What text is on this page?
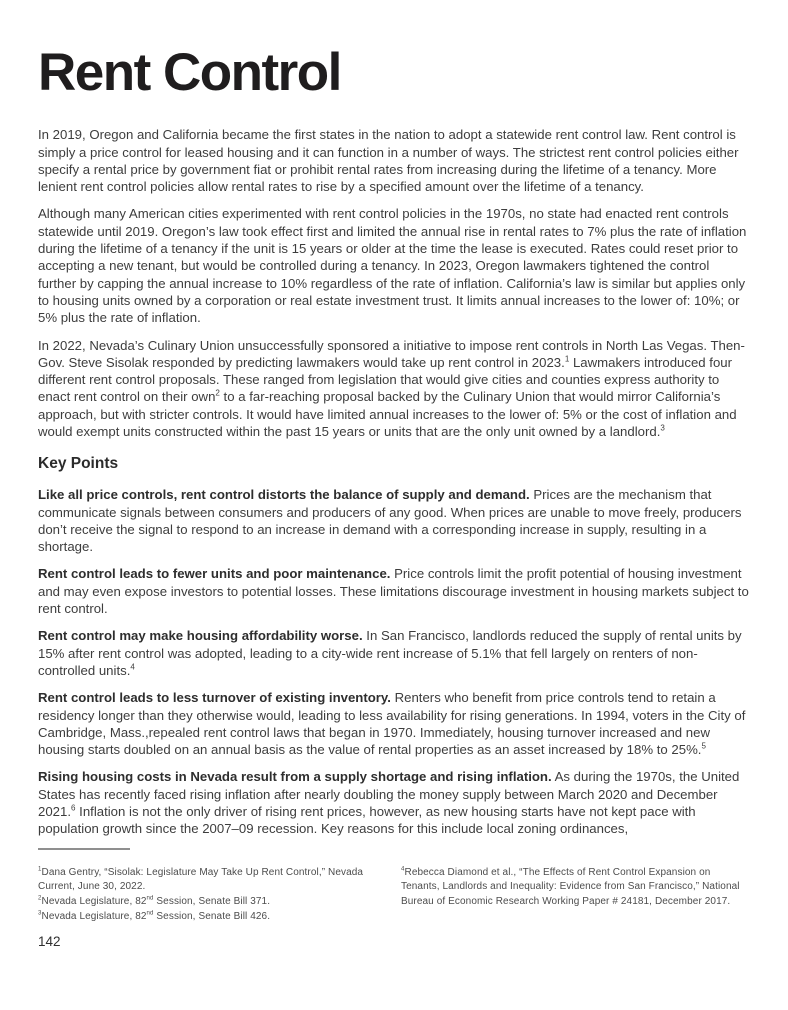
Rent Control

In 2019, Oregon and California became the first states in the nation to adopt a statewide rent control law. Rent control is simply a price control for leased housing and it can function in a number of ways. The strictest rent control policies either specify a rental price by government fiat or prohibit rental rates from increasing during the lifetime of a tenancy. More lenient rent control policies allow rental rates to rise by a specified amount over the lifetime of a tenancy.

Although many American cities experimented with rent control policies in the 1970s, no state had enacted rent controls statewide until 2019. Oregon’s law took effect first and limited the annual rise in rental rates to 7% plus the rate of inflation during the lifetime of a tenancy if the unit is 15 years or older at the time the lease is executed. Rates could reset prior to accepting a new tenant, but would be controlled during a tenancy. In 2023, Oregon lawmakers tightened the control further by capping the annual increase to 10% regardless of the rate of inflation. California’s law is similar but applies only to housing units owned by a corporation or real estate investment trust. It limits annual increases to the lower of: 10%; or 5% plus the rate of inflation.

In 2022, Nevada’s Culinary Union unsuccessfully sponsored a initiative to impose rent controls in North Las Vegas. Then-Gov. Steve Sisolak responded by predicting lawmakers would take up rent control in 2023.$^1$ Lawmakers introduced four different rent control proposals. These ranged from legislation that would give cities and counties express authority to enact rent control on their own$^2$ to a far-reaching proposal backed by the Culinary Union that would mirror California’s approach, but with stricter controls. It would have limited annual increases to the lower of: 5% or the cost of inflation and would exempt units constructed within the past 15 years or units that are the only unit owned by a landlord.$^3$

Key Points

Like all price controls, rent control distorts the balance of supply and demand. Prices are the mechanism that communicate signals between consumers and producers of any good. When prices are unable to move freely, producers don’t receive the signal to respond to an increase in demand with a corresponding increase in supply, resulting in a shortage.

Rent control leads to fewer units and poor maintenance. Price controls limit the profit potential of housing investment and may even expose investors to potential losses. These limitations discourage investment in housing markets subject to rent control.

Rent control may make housing affordability worse. In San Francisco, landlords reduced the supply of rental units by 15% after rent control was adopted, leading to a city-wide rent increase of 5.1% that fell largely on renters of non-controlled units.$^4$

Rent control leads to less turnover of existing inventory. Renters who benefit from price controls tend to retain a residency longer than they otherwise would, leading to less availability for rising generations. In 1994, voters in the City of Cambridge, Mass.,repealed rent control laws that began in 1970. Immediately, housing turnover increased and new housing starts doubled on an annual basis as the value of rental properties as an asset increased by 18% to 25%.$^5$

Rising housing costs in Nevada result from a supply shortage and rising inflation. As during the 1970s, the United States has recently faced rising inflation after nearly doubling the money supply between March 2020 and December 2021.$^6$ Inflation is not the only driver of rising rent prices, however, as new housing starts have not kept pace with population growth since the 2007–09 recession. Key reasons for this include local zoning ordinances,

$^1$Dana Gentry, “Sisolak: Legislature May Take Up Rent Control,” Nevada Current, June 30, 2022.

$^2$Nevada Legislature, 82nd Session, Senate Bill 371.

$^3$Nevada Legislature, 82nd Session, Senate Bill 426.

$^4$Rebecca Diamond et al., “The Effects of Rent Control Expansion on Tenants, Landlords and Inequality: Evidence from San Francisco,” National Bureau of Economic Research Working Paper # 24181, December 2017.

142
